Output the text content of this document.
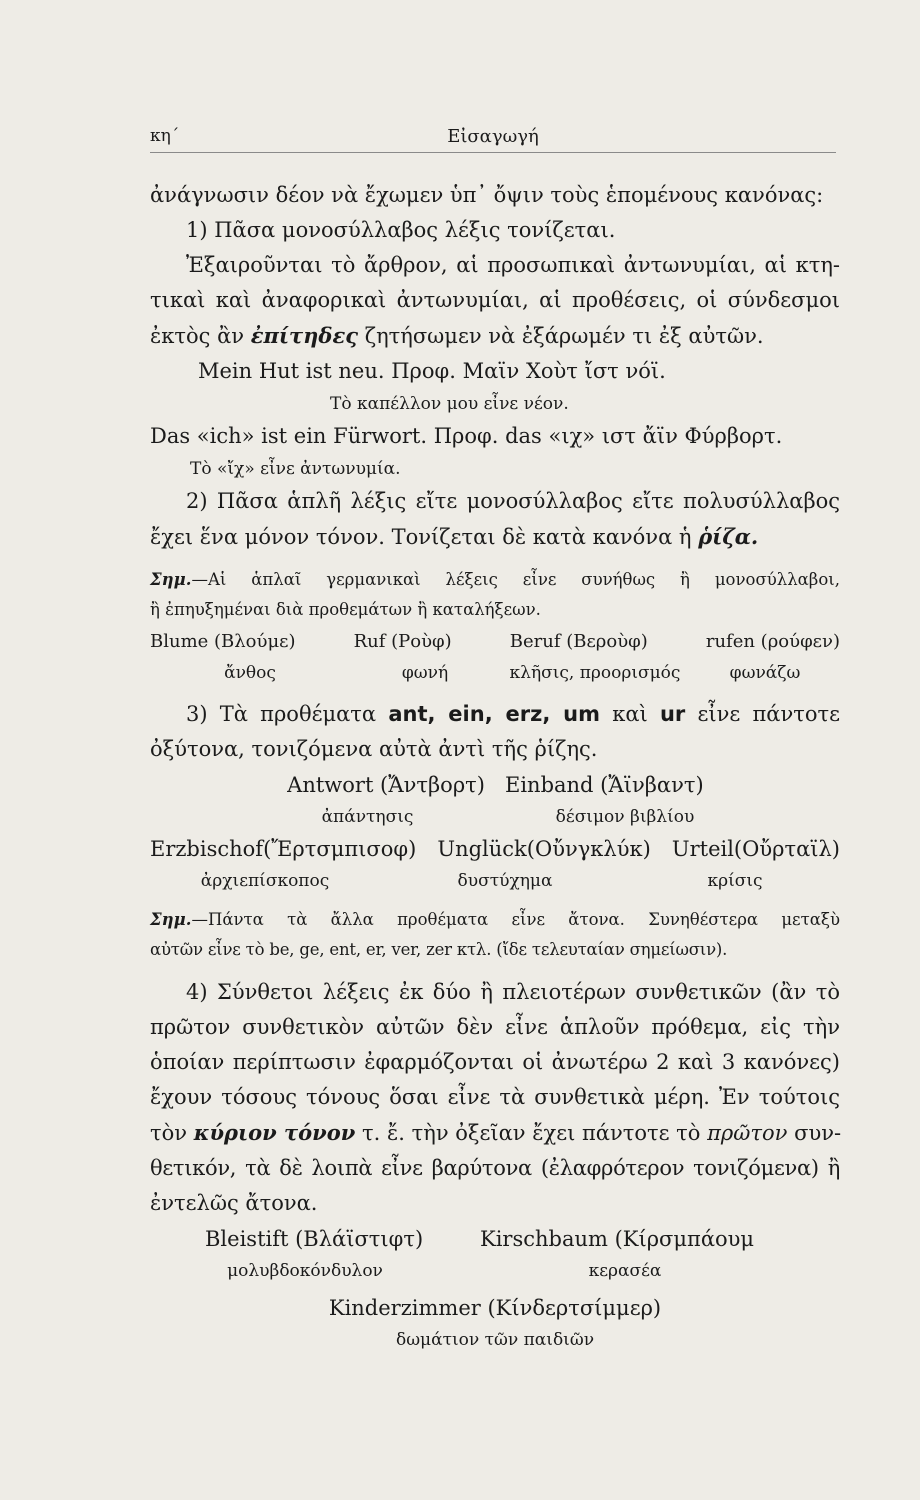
κη΄	Εἰσαγωγή
ἀνάγνωσιν δέον νὰ ἔχωμεν ὑπ᾽ ὄψιν τοὺς ἑπομένους κανόνας:
1) Πᾶσα μονοσύλλαβος λέξις τονίζεται.
Ἐξαιροῦνται τὸ ἄρθρον, αἱ προσωπικαὶ ἀντωνυμίαι, αἱ κτη-
τικαὶ καὶ ἀναφορικαὶ ἀντωνυμίαι, αἱ προθέσεις, οἱ σύνδεσμοι
ἐκτὸς ἂν ἐπίτηδες ζητήσωμεν νὰ ἐξάρωμέν τι ἐξ αὐτῶν.
Mein Hut ist neu. Προφ. Μαϊν Χοὺτ ἴστ νόϊ.
Τὸ καπέλλον μου εἶνε νέον.
Das «ich» ist ein Fürwort. Προφ. das «ιχ» ιστ ἄϊν Φύρβορτ.
Τὸ «ἴχ» εἶνε ἀντωνυμία.
2) Πᾶσα ἁπλῆ λέξις εἴτε μονοσύλλαβος εἴτε πολυσύλλαβος
ἔχει ἕνα μόνον τόνον. Τονίζεται δὲ κατὰ κανόνα ἡ ῥίζα.
Σημ.—Αἱ ἁπλαῖ γερμανικαὶ λέξεις εἶνε συνήθως ἢ μονοσύλλαβοι,
ἢ ἐπηυξημέναι διὰ προθεμάτων ἢ καταλήξεων.
Blume (Βλούμε)	Ruf (Ροὺφ)	Beruf (Βεροὺφ)	rufen (ρούφεν)
ἄνθος	φωνή	κλῆσις, προορισμός	φωνάζω
3) Τὰ προθέματα ant, ein, erz, um καὶ ur εἶνε πάντοτε
ὀξύτονα, τονιζόμενα αὐτὰ ἀντὶ τῆς ῥίζης.
Antwort (Ἄντβορτ) Einband (Ἄϊνβαντ)
ἀπάντησις	δέσιμον βιβλίου
Erzbischof(Ἔρτσμπισοφ) Unglück(Οὔνγκλύκ) Urteil(Οὔρταϊλ)
ἀρχιεπίσκοπος	δυστύχημα	κρίσις
Σημ.—Πάντα τὰ ἄλλα προθέματα εἶνε ἄτονα. Συνηθέστερα μεταξὺ
αὐτῶν εἶνε τὸ be, ge, ent, er, ver, zer κτλ. (ἴδε τελευταίαν σημείωσιν).
4) Σύνθετοι λέξεις ἐκ δύο ἢ πλειοτέρων συνθετικῶν (ἂν τὸ
πρῶτον συνθετικὸν αὐτῶν δὲν εἶνε ἁπλοῦν πρόθεμα, εἰς τὴν
ὁποίαν περίπτωσιν ἐφαρμόζονται οἱ ἀνωτέρω 2 καὶ 3 κανόνες)
ἔχουν τόσους τόνους ὅσαι εἶνε τὰ συνθετικὰ μέρη. Ἐν τούτοις
τὸν κύριον τόνον τ. ἔ. τὴν ὀξεῖαν ἔχει πάντοτε τὸ πρῶτον συν-
θετικόν, τὰ δὲ λοιπὰ εἶνε βαρύτονα (ἐλαφρότερον τονιζόμενα) ἢ
ἐντελῶς ἄτονα.
Bleistift (Βλάϊστιφτ)	Kirschbaum (Κίρσμπάουμ
μολυβδοκόνδυλον	κερασέα
Kinderzimmer (Κίνδερτσίμμερ)
δωμάτιον τῶν παιδιῶν
